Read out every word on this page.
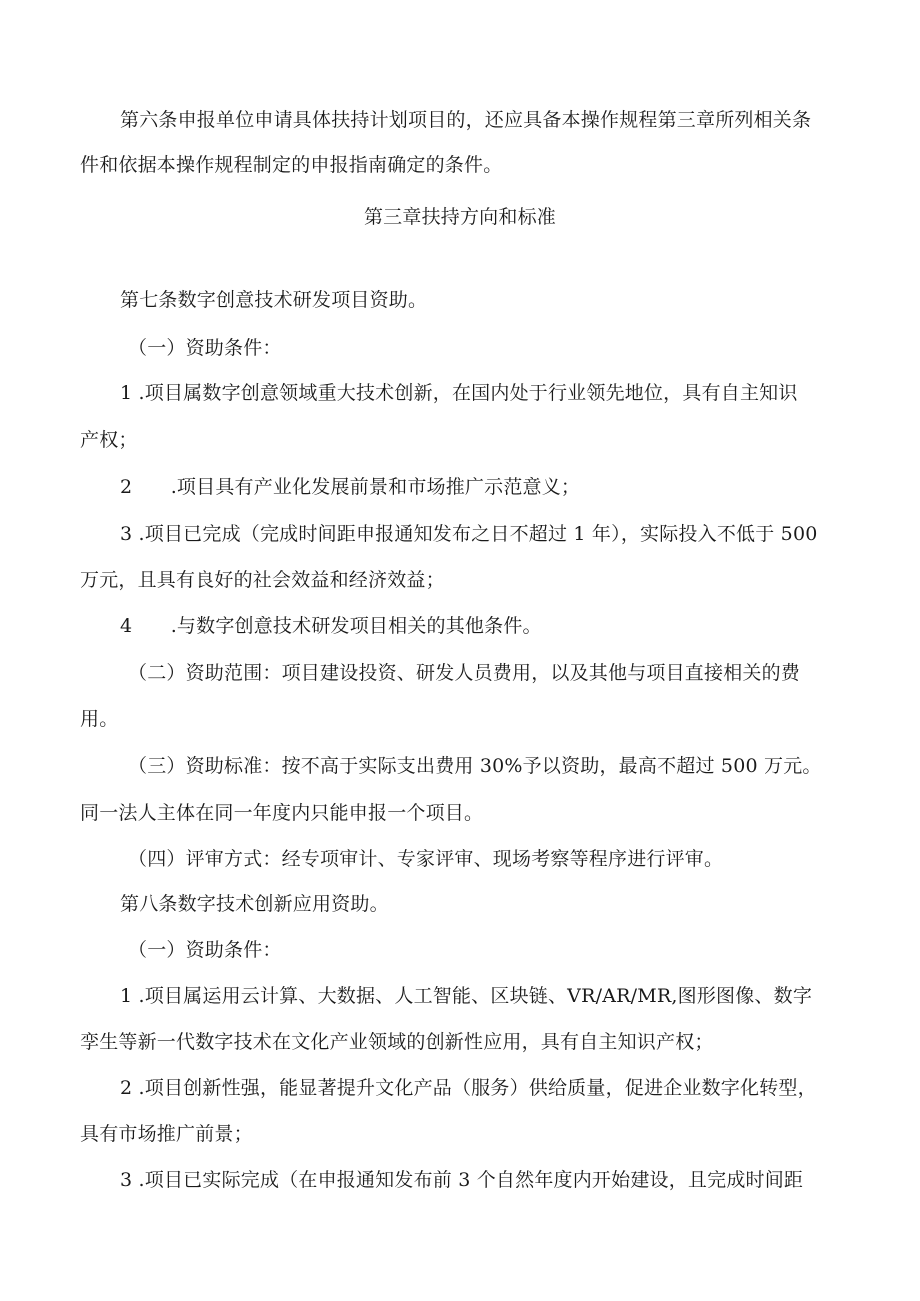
第六条申报单位申请具体扶持计划项目的，还应具备本操作规程第三章所列相关条
件和依据本操作规程制定的申报指南确定的条件。
第三章扶持方向和标准
第七条数字创意技术研发项目资助。
（一）资助条件：
1 .项目属数字创意领域重大技术创新，在国内处于行业领先地位，具有自主知识
产权；
2　　.项目具有产业化发展前景和市场推广示范意义；
3 .项目已完成（完成时间距申报通知发布之日不超过 1 年），实际投入不低于 500
万元，且具有良好的社会效益和经济效益；
4　　.与数字创意技术研发项目相关的其他条件。
（二）资助范围：项目建设投资、研发人员费用，以及其他与项目直接相关的费
用。
（三）资助标准：按不高于实际支出费用 30%予以资助，最高不超过 500 万元。
同一法人主体在同一年度内只能申报一个项目。
（四）评审方式：经专项审计、专家评审、现场考察等程序进行评审。
第八条数字技术创新应用资助。
（一）资助条件：
1 .项目属运用云计算、大数据、人工智能、区块链、VR/AR/MR,图形图像、数字
孪生等新一代数字技术在文化产业领域的创新性应用，具有自主知识产权；
2 .项目创新性强，能显著提升文化产品（服务）供给质量，促进企业数字化转型，
具有市场推广前景；
3 .项目已实际完成（在申报通知发布前 3 个自然年度内开始建设，且完成时间距
